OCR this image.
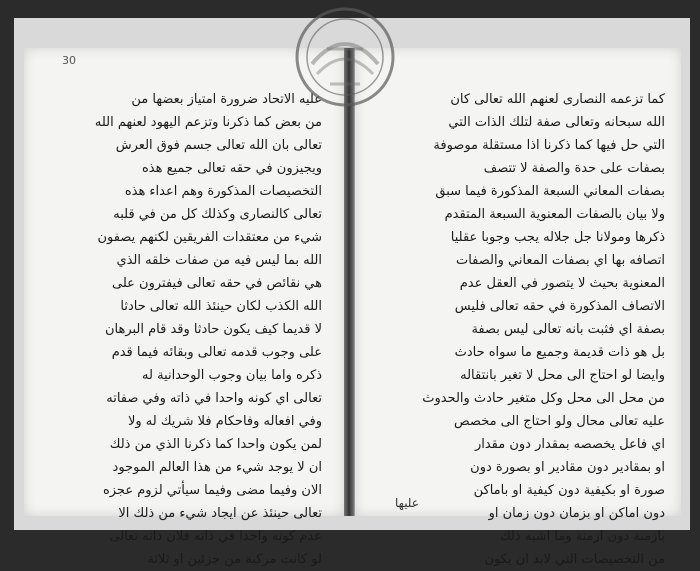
30
عليه الاتحاد ضرورة امتياز بعضها من
من بعض كما ذكرنا وتزعم اليهود لعنهم الله
تعالى بان الله تعالى جسم فوق العرش
ويجيزون في حقه تعالى جميع هذه
التخصيصات المذكورة وهم اعداء هذه
تعالى كالنصارى وكذلك كل من في قلبه
شيء من معتقدات الفريقين لكنهم يصفون
الله بما ليس فيه من صفات خلقه الذي
هي نقائص في حقه تعالى فيفترون على
الله الكذب لكان حينئذ الله تعالى حادثا
لا قديما كيف يكون حادثا وقد قام البرهان
على وجوب قدمه تعالى وبقائه فيما قدم
ذكره واما بيان وجوب الوحدانية له
تعالى اي كونه واحدا في ذاته وفي صفاته
وفي افعاله وفاحكام فلا شريك له ولا
لمن يكون واحدا كما ذكرنا الذي من ذلك
ان لا يوجد شيء من هذا العالم الموجود
الان وفيما مضى وفيما سيأتي لزوم عجزه
تعالى حينئذ عن ايجاد شيء من ذلك الا
عدم كونه واحدا في ذاته فلان ذاته تعالى
لو كانت مركبة من جزئين او ثلاثة
كما تزعمه النصارى لعنهم الله تعالى كان
الله سبحانه وتعالى صفة لتلك الذات التي
التي حل فيها كما ذكرنا اذا مستقلة موصوفة
بصفات على حدة والصفة لا تتصف
بصفات المعاني السبعة المذكورة فيما سبق
ولا بيان بالصفات المعنوية السبعة المتقدم
ذكرها ومولانا جل جلاله يجب وجوبا عقليا
اتصافه بها اي بصفات المعاني والصفات
المعنوية بحيث لا يتصور في العقل عدم
الاتصاف المذكورة في حقه تعالى فليس
بصفة اي فثبت بانه تعالى ليس بصفة
بل هو ذات قديمة وجميع ما سواه حادث
وايضا لو احتاج الى محل لا تغير بانتقاله
من محل الى محل وكل متغير حادث والحدوث
عليه تعالى محال ولو احتاج الى مخصص
اي فاعل يخصصه بمقدار دون مقدار
او بمقادير دون مقادير او بصورة دون
صورة او بكيفية دون كيفية او باماكن
دون اماكن او بزمان دون زمان او
بازمنة دون ازمنة وما اشبه ذلك
من التخصيصات التي لابد ان يكون
عليها
